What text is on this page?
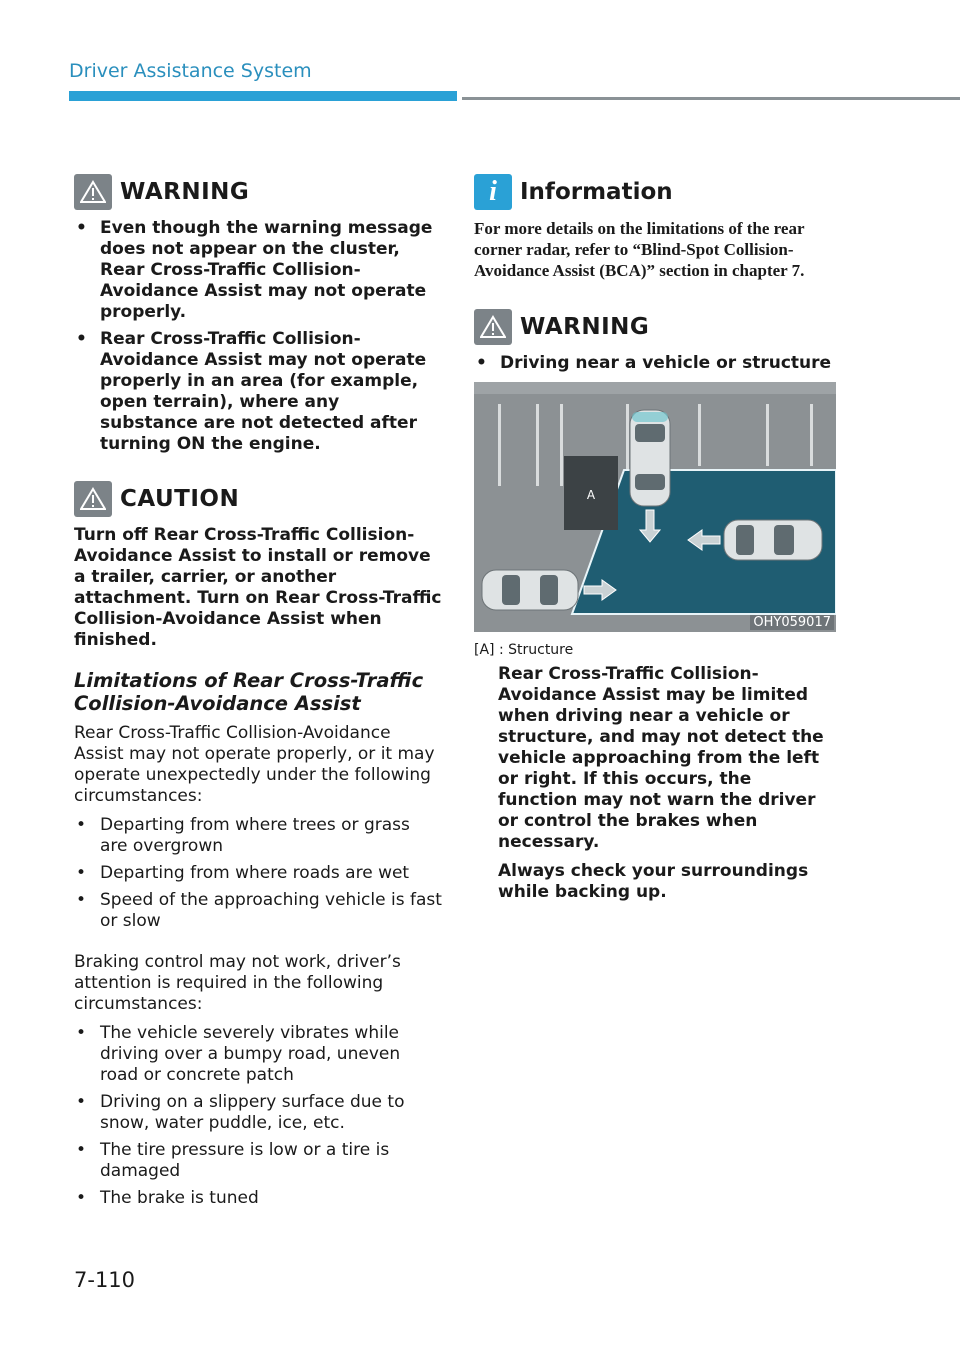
Driver Assistance System
WARNING
• Even though the warning message does not appear on the cluster, Rear Cross-Traffic Collision-Avoidance Assist may not operate properly.
• Rear Cross-Traffic Collision-Avoidance Assist may not operate properly in an area (for example, open terrain), where any substance are not detected after turning ON the engine.
CAUTION

Turn off Rear Cross-Traffic Collision-Avoidance Assist to install or remove a trailer, carrier, or another attachment. Turn on Rear Cross-Traffic Collision-Avoidance Assist when finished.

Limitations of Rear Cross-Traffic Collision-Avoidance Assist

Rear Cross-Traffic Collision-Avoidance Assist may not operate properly, or it may operate unexpectedly under the following circumstances:

• Departing from where trees or grass are overgrown
• Departing from where roads are wet
• Speed of the approaching vehicle is fast or slow

Braking control may not work, driver’s attention is required in the following circumstances:

• The vehicle severely vibrates while driving over a bumpy road, uneven road or concrete patch
• Driving on a slippery surface due to snow, water puddle, ice, etc.
• The tire pressure is low or a tire is damaged
• The brake is tuned
i Information

For more details on the limitations of the rear corner radar, refer to “Blind-Spot Collision-Avoidance Assist (BCA)” section in chapter 7.

WARNING
• Driving near a vehicle or structure
A
OHY059017

[A] : Structure

Rear Cross-Traffic Collision-Avoidance Assist may be limited when driving near a vehicle or structure, and may not detect the vehicle approaching from the left or right. If this occurs, the function may not warn the driver or control the brakes when necessary.

Always check your surroundings while backing up.

7-110
